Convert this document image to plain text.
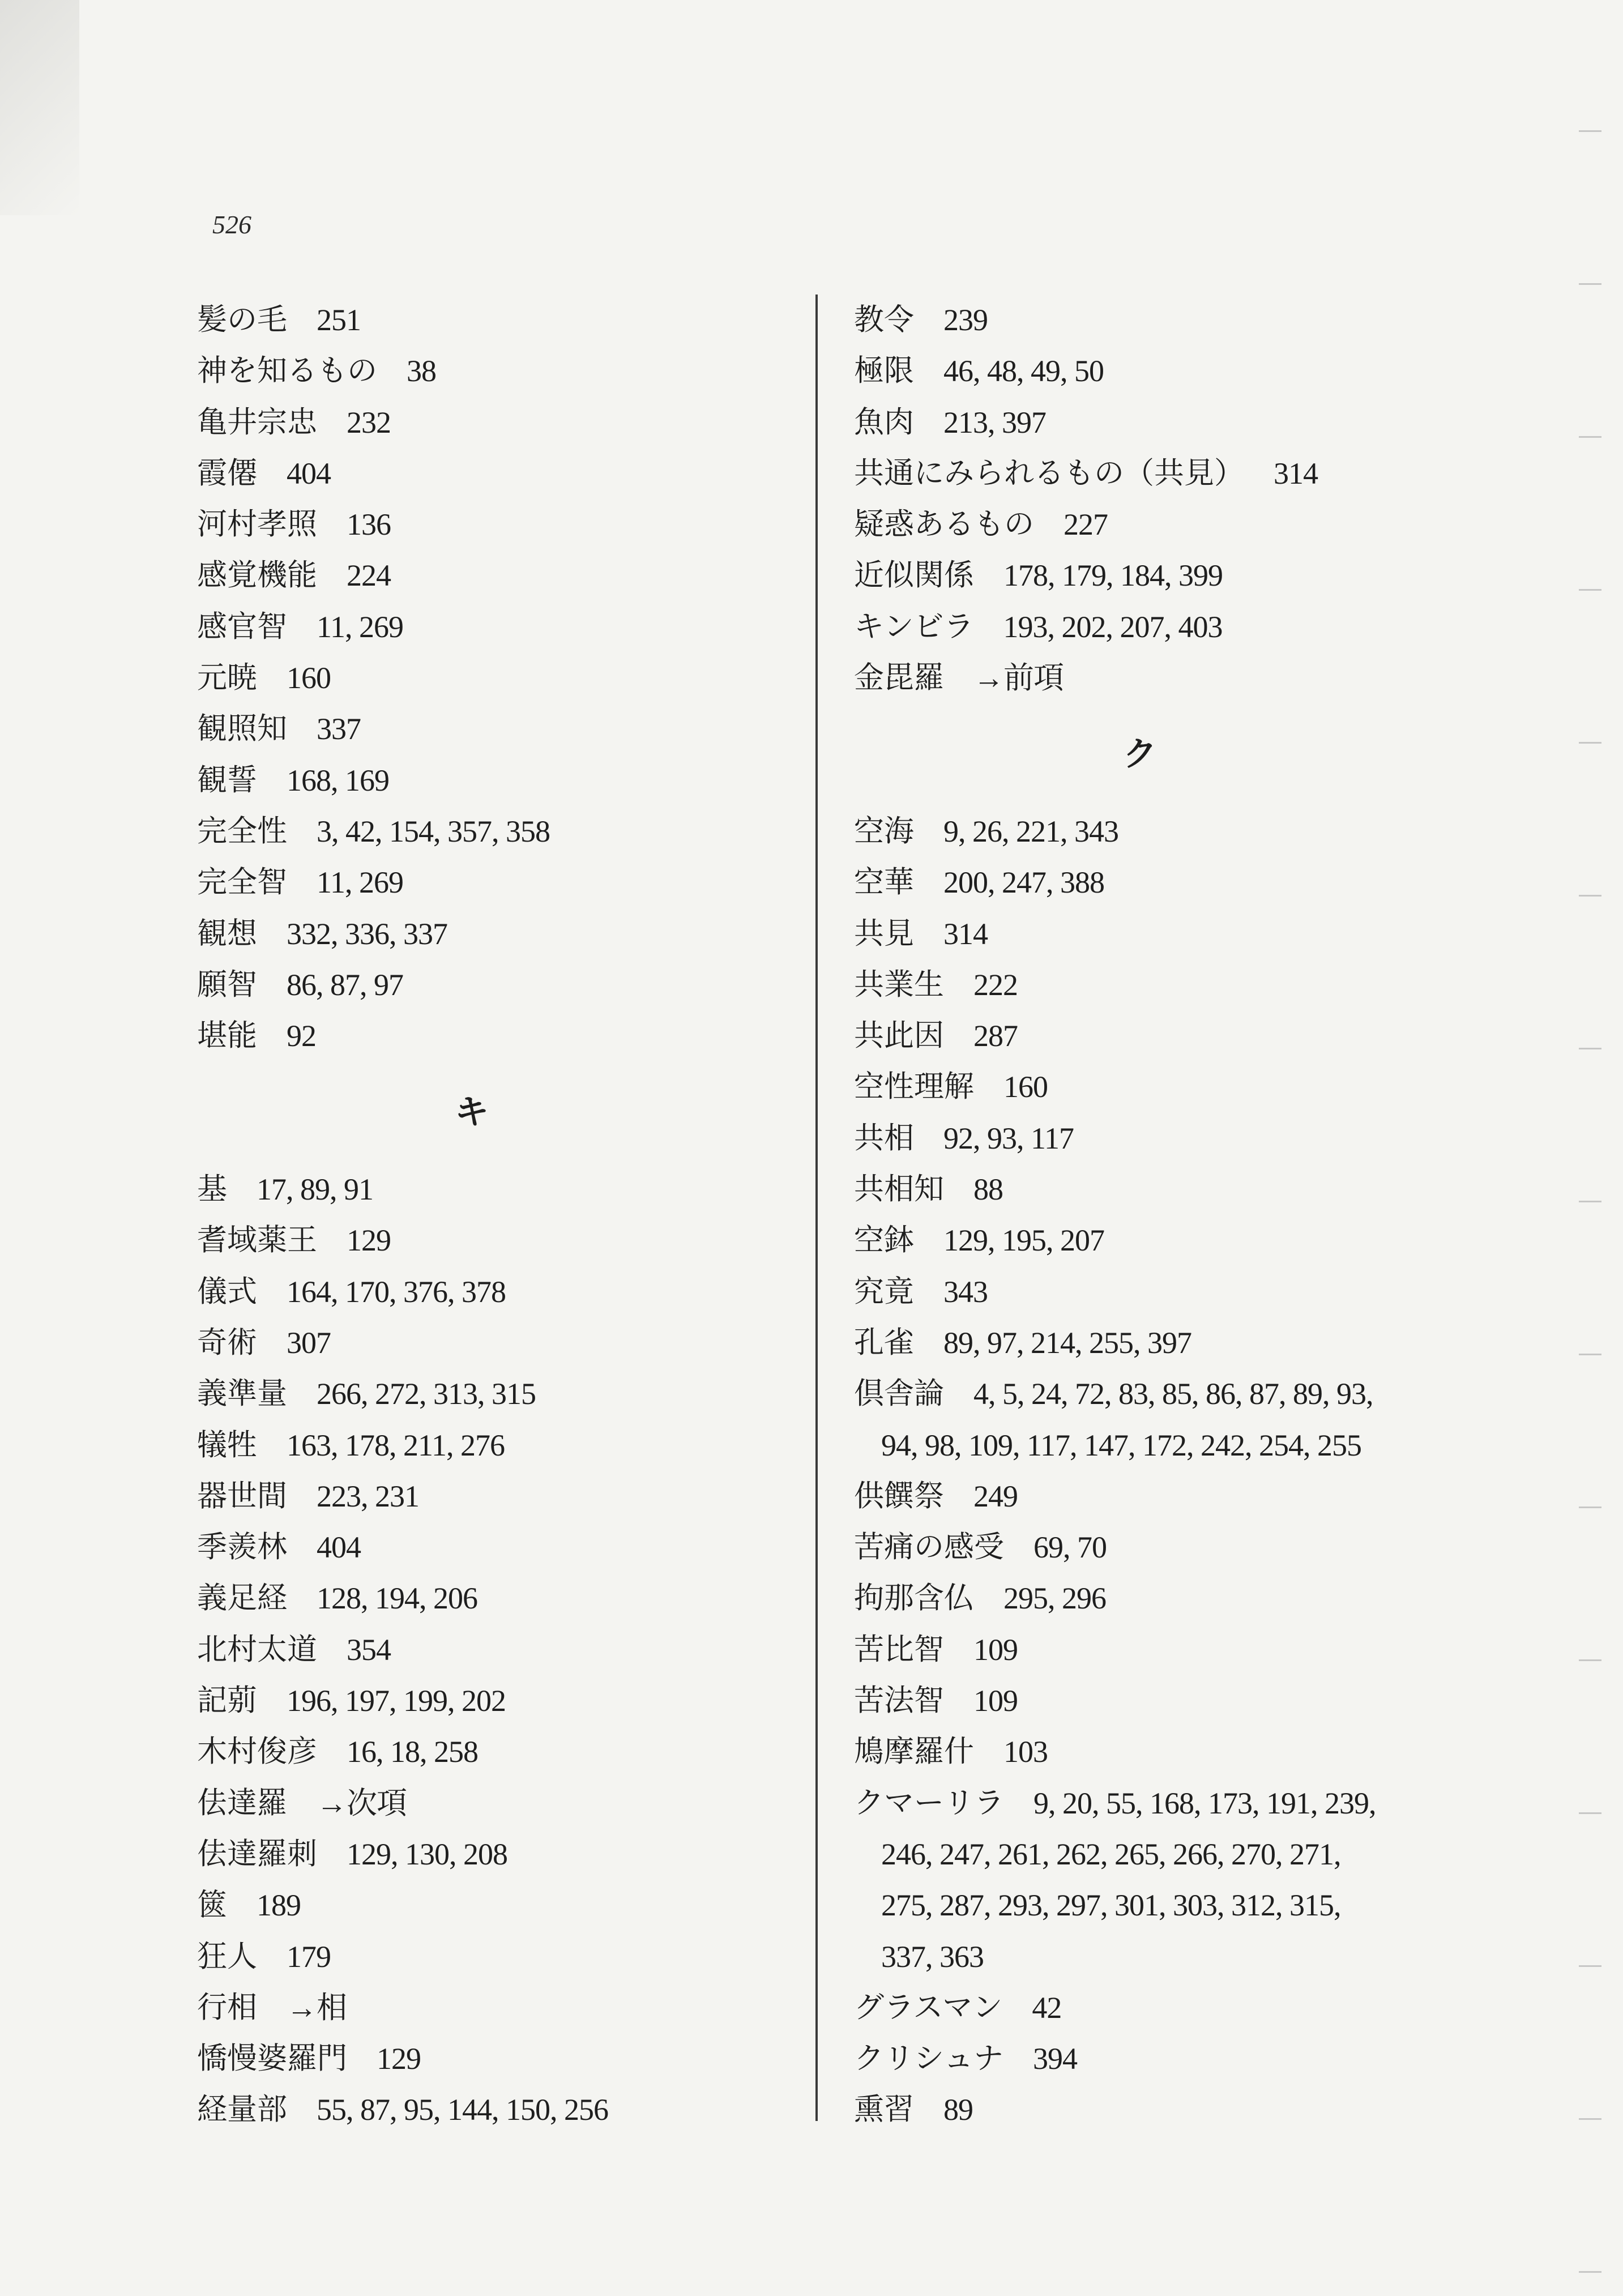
526
髪の毛 251
神を知るもの 38
亀井宗忠 232
霞僊 404
河村孝照 136
感覚機能 224
感官智 11, 269
元暁 160
観照知 337
観誓 168, 169
完全性 3, 42, 154, 357, 358
完全智 11, 269
観想 332, 336, 337
願智 86, 87, 97
堪能 92
キ
基 17, 89, 91
耆域薬王 129
儀式 164, 170, 376, 378
奇術 307
義準量 266, 272, 313, 315
犠牲 163, 178, 211, 276
器世間 223, 231
季羨林 404
義足経 128, 194, 206
北村太道 354
記莂 196, 197, 199, 202
木村俊彦 16, 18, 258
佉達羅 →次項
佉達羅刺 129, 130, 208
篋 189
狂人 179
行相 →相
憍慢婆羅門 129
経量部 55, 87, 95, 144, 150, 256
教令 239
極限 46, 48, 49, 50
魚肉 213, 397
共通にみられるもの（共見） 314
疑惑あるもの 227
近似関係 178, 179, 184, 399
キンビラ 193, 202, 207, 403
金毘羅 →前項
ク
空海 9, 26, 221, 343
空華 200, 247, 388
共見 314
共業生 222
共此因 287
空性理解 160
共相 92, 93, 117
共相知 88
空鉢 129, 195, 207
究竟 343
孔雀 89, 97, 214, 255, 397
倶舎論 4, 5, 24, 72, 83, 85, 86, 87, 89, 93,
94, 98, 109, 117, 147, 172, 242, 254, 255
供饌祭 249
苦痛の感受 69, 70
拘那含仏 295, 296
苦比智 109
苦法智 109
鳩摩羅什 103
クマーリラ 9, 20, 55, 168, 173, 191, 239,
246, 247, 261, 262, 265, 266, 270, 271,
275, 287, 293, 297, 301, 303, 312, 315,
337, 363
グラスマン 42
クリシュナ 394
熏習 89
